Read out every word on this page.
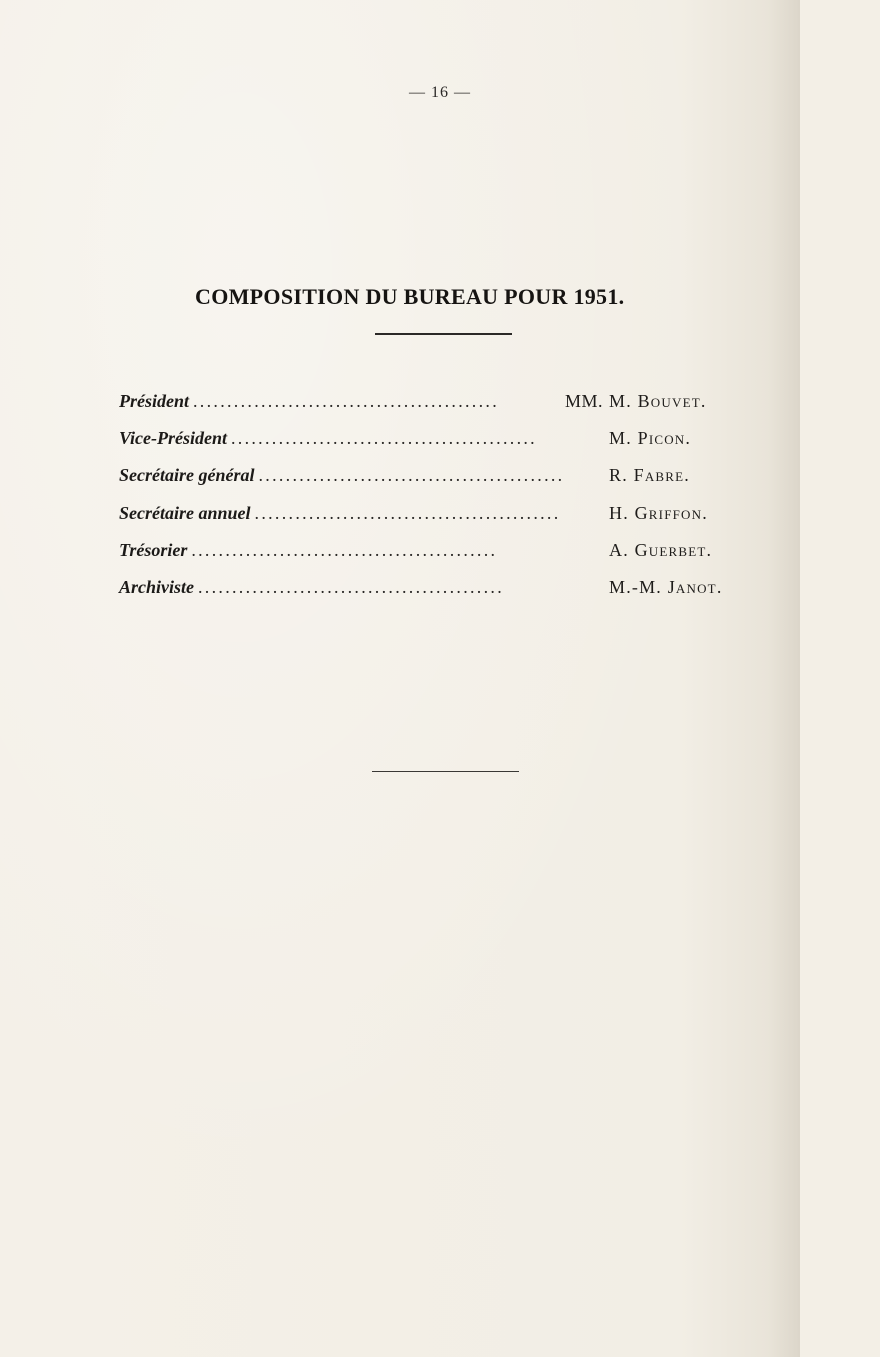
— 16 —
COMPOSITION DU BUREAU POUR 1951.
Président .............................................	MM. M. Bouvet.
Vice-Président .............................................	M. Picon.
Secrétaire général ............................................. R. Fabre.
Secrétaire annuel .............................................	H. Griffon.
Trésorier .............................................	A. Guerbet.
Archiviste .............................................	M.-M. Janot.
